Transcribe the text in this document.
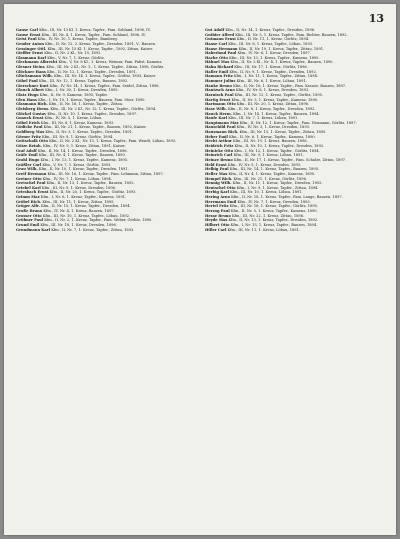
13

Gause Carl Kfm., III, Nr. 13 Kl. 1. Kreuz, Tapfer., Fam. Sohland, 1896, IV.

Gause Ernst Kfm., III, Nr. 4, 1. Kreuz, Tapfer., Fam. Sohland, 1896, IV.

Geist Paul Kfm., IV, Nr. 10, 1. Kreuz, Tapfer., Bamberg.

Gender Anton Kfm., II, Nr. 12, 2. Kreuz, Tapfer., Dresden, 1891, V., Bauzen.

Gessinger Ottl. Kfm., III, Nr. 15 Kl. 1. Kreuz, Tapfer., 1892, Zittau, Kaiser.

Gieffler Ernst Kfm., II, Nr. 2 Kl., Nr. 15, 1892.

Glasmann Karl Kfm., V, Nr. 7, 1. Kreuz, Görlitz.

Gleckmann Albrecht Kfm., V, Nr. 8 Kl., 1. Kreuz, Weimar, Fam. Pabst, Kamenz.

Glesner Heinr. Kfm., III, Nr. 2 Kl., Nr. 1., 1. Kreuz, Tapfer., Zittau, 1896, Görlitz.

Glöckner Hans Kfm., II, Nr. 12, 1. Kreuz, Tapfer., Dresden, 1891.

Glücksmann Wilh. Kfm., III, Nr. 14, 1. Kreuz, Tapfer., Görlitz, 1893, Kaiser.

Göbel Paul Kfm., III, Nr. 12, 1. Kreuz, Tapfer., Bauzen, 1892.

Gierschner Kurt Kfm., IV, Nr. 14, 1. Kreuz, Tapfer., Fam. Seidel, Zittau, 1896.

Glauch Albert Kfm., I, Nr. 30, 1. Kreuz, Dresden, 1895.

Glatz Hugo Kfm., II, Nr. 9, Kamenz, 1895, Tapfer.

Glen Hans Kfm., I, Nr. 10, 1. Kreuz, Tapfer., Bauzen, Fam. Stier, 1890.

Glasmann Rich. Kfm., II, Nr. 16, 1. Kreuz, Tapfer., Zittau.

Gleisberg Herm. Kfm., III, Nr. 2 Kl., Nr. 12, 1. Kreuz, Tapfer., Görlitz, 1894.

Glöckel Gustav Kfm., II, Nr. 10, 1. Kreuz, Tapfer., Dresden, 1897.

Gnauck Ernst Kfm., IV, Nr. 5, 1. Kreuz, Löbau.

Göbel Erich Kfm., III, Nr. 8, 1. Kreuz, Kamenz, 1893.

Gödicke Paul Kfm., III, Nr. 21, 1. Kreuz, Tapfer., Bauzen, 1892, Kaiser.

Goldberg Max Kfm., II, Nr. 3, 1. Kreuz, Tapfer., Dresden, 1891.

Görner Fritz Kfm., III, Nr. 8, 1. Kreuz, Görlitz, 1894.

Gottschalk Otto Kfm., II, Nr. 2 Kl., Nr. 15, 1. Kreuz, Tapfer., Fam. Wendt, Löbau, 1893.

Götze Reinh. Kfm., IV, Nr. 9, 1. Kreuz, Zittau, 1891, Kaiser.

Graf Adolf Kfm., II, Nr. 14, 1. Kreuz, Tapfer., Dresden, 1896.

Gräfe Emil Kfm., III, Nr. 4, 1. Kreuz, Tapfer., Bauzen, 1890.

Grahl Hugo Kfm., I, Nr. 13, 1. Kreuz, Tapfer., Kamenz, 1895.

Gräßler Carl Kfm., V, Nr. 7, 1. Kreuz, Görlitz, 1893.

Grau Wilh. Kfm., II, Nr. 10, 1. Kreuz, Tapfer., Dresden, 1891.

Greif Hermann Kfm., III, Nr. 16, 1. Kreuz, Tapfer., Fam. Lehmann, Zittau, 1897.

Greiner Otto Kfm., IV, Nr. 7, 1. Kreuz, Löbau, 1894.

Gretschel Paul Kfm., II, Nr. 13, 1. Kreuz, Tapfer., Bauzen, 1892.

Griebel Karl Kfm., III, Nr. 9, 1. Kreuz, Dresden, 1896.

Griesbach Ernst Kfm., II, Nr. 20, 1. Kreuz, Tapfer., Görlitz, 1893.

Grimm Max Kfm., I, Nr. 6, 1. Kreuz, Tapfer., Kamenz, 1891.

Gröbel Rich. Kfm., III, Nr. 11, 1. Kreuz, Zittau, 1895.

Gröger Alfr. Kfm., II, Nr. 15, 1. Kreuz, Tapfer., Dresden, 1894.

Große Bruno Kfm., IV, Nr. 4, 1. Kreuz, Bauzen, 1897.

Grosser Otto Kfm., III, Nr. 10, 1. Kreuz, Tapfer., Löbau, 1892.

Grübner Paul Kfm., II, Nr. 2, 1. Kreuz, Tapfer., Fam. Weber, Görlitz, 1890.

Grund Emil Kfm., III, Nr. 18, 1. Kreuz, Dresden, 1896.

Grundmann Karl Kfm., II, Nr. 7, 1. Kreuz, Tapfer., Zittau, 1893.

Gut Adolf Kfm., II, Nr. 14, 1. Kreuz, Tapfer., Dresden, 1896.

Gutbier Alfred Kfm., III, Nr. 5, 1. Kreuz, Tapfer., Fam. Richter, Bauzen, 1892.

Gutmann Ernst Kfm., II, Nr. 11, 1. Kreuz, Görlitz, 1894.

Haase Carl Kfm., III, Nr. 8, 1. Kreuz, Tapfer., Löbau, 1893.

Haase Hermann Kfm., II, Nr. 19, 1. Kreuz, Tapfer., Zittau, 1891.

Haberland Paul Kfm., IV, Nr. 6, 1. Kreuz, Dresden, 1897.

Hache Otto Kfm., III, Nr. 13, 1. Kreuz, Tapfer., Kamenz, 1895.

Hähnel Max Kfm., II, Nr. 2 Kl., Nr. 4, 1. Kreuz, Tapfer., Bauzen, 1890.

Hahn Richard Kfm., III, Nr. 17, 1. Kreuz, Görlitz, 1896.

Haller Emil Kfm., II, Nr. 9, 1. Kreuz, Tapfer., Dresden, 1892.

Hamann Fritz Kfm., I, Nr. 11, 1. Kreuz, Tapfer., Zittau, 1894.

Hammer Julius Kfm., III, Nr. 6, 1. Kreuz, Löbau, 1891.

Hanke Bruno Kfm., II, Nr. 16, 1. Kreuz, Tapfer., Fam. Krause, Bauzen, 1897.

Hantzsch Arno Kfm., IV, Nr. 8, 1. Kreuz, Dresden, 1893.

Harnisch Paul Kfm., III, Nr. 12, 1. Kreuz, Tapfer., Görlitz, 1895.

Hartig Ernst Kfm., II, Nr. 3, 1. Kreuz, Tapfer., Kamenz, 1890.

Hartmann Otto Kfm., III, Nr. 20, 1. Kreuz, Zittau, 1896.

Hase Wilh. Kfm., II, Nr. 8, 1. Kreuz, Tapfer., Dresden, 1892.

Hauck Herm. Kfm., I, Nr. 14, 1. Kreuz, Tapfer., Bauzen, 1894.

Haufe Karl Kfm., III, Nr. 7, 1. Kreuz, Löbau, 1891.

Hauptmann Max Kfm., II, Nr. 12, 1. Kreuz, Tapfer., Fam. Neumann, Görlitz, 1897.

Hauschild Paul Kfm., IV, Nr. 3, 1. Kreuz, Dresden, 1893.

Hausmann Rich. Kfm., III, Nr. 15, 1. Kreuz, Tapfer., Zittau, 1895.

Heber Emil Kfm., II, Nr. 6, 1. Kreuz, Tapfer., Kamenz, 1890.

Hecht Arthur Kfm., III, Nr. 19, 1. Kreuz, Bauzen, 1896.

Heidrich Fritz Kfm., II, Nr. 10, 1. Kreuz, Tapfer., Dresden, 1892.

Heinicke Otto Kfm., I, Nr. 12, 1. Kreuz, Tapfer., Görlitz, 1894.

Heinrich Carl Kfm., III, Nr. 9, 1. Kreuz, Löbau, 1891.

Heinze Bruno Kfm., II, Nr. 17, 1. Kreuz, Tapfer., Fam. Schulze, Zittau, 1897.

Held Ernst Kfm., IV, Nr. 5, 1. Kreuz, Dresden, 1893.

Helbig Paul Kfm., III, Nr. 14, 1. Kreuz, Tapfer., Bauzen, 1895.

Heller Max Kfm., II, Nr. 4, 1. Kreuz, Tapfer., Kamenz, 1890.

Hempel Rich. Kfm., III, Nr. 21, 1. Kreuz, Görlitz, 1896.

Hennig Wilh. Kfm., II, Nr. 11, 1. Kreuz, Tapfer., Dresden, 1892.

Hentschel Otto Kfm., I, Nr. 9, 1. Kreuz, Tapfer., Zittau, 1894.

Herbig Karl Kfm., III, Nr. 10, 1. Kreuz, Löbau, 1891.

Hering Arno Kfm., II, Nr. 18, 1. Kreuz, Tapfer., Fam. Lange, Bauzen, 1897.

Herrmann Emil Kfm., IV, Nr. 7, 1. Kreuz, Dresden, 1893.

Hertel Fritz Kfm., III, Nr. 16, 1. Kreuz, Tapfer., Görlitz, 1895.

Herzog Paul Kfm., II, Nr. 5, 1. Kreuz, Tapfer., Kamenz, 1890.

Hesse Bruno Kfm., III, Nr. 22, 1. Kreuz, Zittau, 1896.

Heyde Max Kfm., II, Nr. 13, 1. Kreuz, Tapfer., Dresden, 1892.

Hilbert Otto Kfm., I, Nr. 15, 1. Kreuz, Tapfer., Bauzen, 1894.

Hiller Carl Kfm., III, Nr. 11, 1. Kreuz, Löbau, 1891.
